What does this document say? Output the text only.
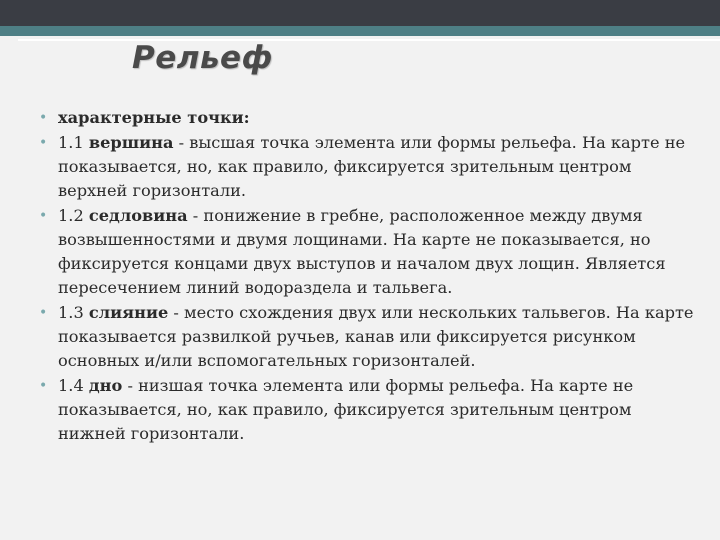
Рельеф
• характерные точки:
• 1.1 вершина - высшая точка элемента или формы рельефа. На карте не показывается, но, как правило, фиксируется зрительным центром верхней горизонтали.
• 1.2 седловина - понижение в гребне, расположенное между двумя возвышенностями и двумя лощинами. На карте не показывается, но фиксируется концами двух выступов и началом двух лощин. Является пересечением линий водораздела и тальвега.
• 1.3 слияние - место схождения двух или нескольких тальвегов. На карте показывается развилкой ручьев, канав или фиксируется рисунком основных и/или вспомогательных горизонталей.
• 1.4 дно - низшая точка элемента или формы рельефа. На карте не показывается, но, как правило, фиксируется зрительным центром нижней горизонтали.
